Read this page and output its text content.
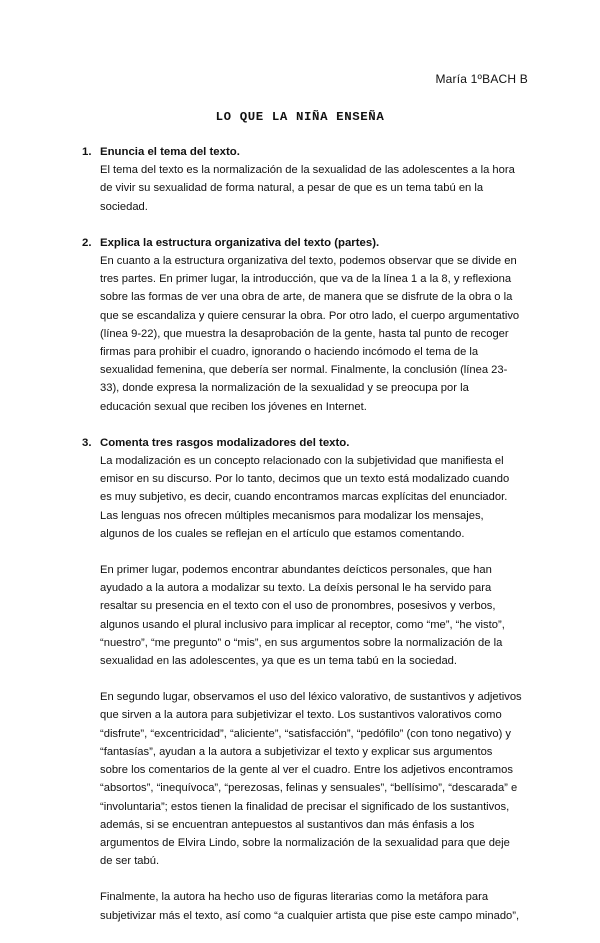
María 1ºBACH B
LO QUE LA NIÑA ENSEÑA
1. Enuncia el tema del texto.
El tema del texto es la normalización de la sexualidad de las adolescentes a la hora de vivir su sexualidad de forma natural, a pesar de que es un tema tabú en la sociedad.
2. Explica la estructura organizativa del texto (partes).
En cuanto a la estructura organizativa del texto, podemos observar que se divide en tres partes. En primer lugar, la introducción, que va de la línea 1 a la 8, y reflexiona sobre las formas de ver una obra de arte, de manera que se disfrute de la obra o la que se escandaliza y quiere censurar la obra. Por otro lado, el cuerpo argumentativo (línea 9-22), que muestra la desaprobación de la gente, hasta tal punto de recoger firmas para prohibir el cuadro, ignorando o haciendo incómodo el tema de la sexualidad femenina, que debería ser normal. Finalmente, la conclusión (línea 23-33), donde expresa la normalización de la sexualidad y se preocupa por la educación sexual que reciben los jóvenes en Internet.
3. Comenta tres rasgos modalizadores del texto.
La modalización es un concepto relacionado con la subjetividad que manifiesta el emisor en su discurso. Por lo tanto, decimos que un texto está modalizado cuando es muy subjetivo, es decir, cuando encontramos marcas explícitas del enunciador. Las lenguas nos ofrecen múltiples mecanismos para modalizar los mensajes, algunos de los cuales se reflejan en el artículo que estamos comentando.
En primer lugar, podemos encontrar abundantes deícticos personales, que han ayudado a la autora a modalizar su texto. La deíxis personal le ha servido para resaltar su presencia en el texto con el uso de pronombres, posesivos y verbos, algunos usando el plural inclusivo para implicar al receptor, como “me”, “he visto”, “nuestro”, “me pregunto” o “mis”, en sus argumentos sobre la normalización de la sexualidad en las adolescentes, ya que es un tema tabú en la sociedad.
En segundo lugar, observamos el uso del léxico valorativo, de sustantivos y adjetivos que sirven a la autora para subjetivizar el texto. Los sustantivos valorativos como “disfrute”, “excentricidad”, “aliciente”, “satisfacción”, “pedófilo” (con tono negativo) y “fantasías”, ayudan a la autora a subjetivizar el texto y explicar sus argumentos sobre los comentarios de la gente al ver el cuadro. Entre los adjetivos encontramos “absortos”, “inequívoca”, “perezosas, felinas y sensuales”, “bellísimo”, “descarada” e “involuntaria”; estos tienen la finalidad de precisar el significado de los sustantivos, además, si se encuentran antepuestos al sustantivos dan más énfasis a los argumentos de Elvira Lindo, sobre la normalización de la sexualidad para que deje de ser tabú.
Finalmente, la autora ha hecho uso de figuras literarias como la metáfora para subjetivizar más el texto, así como “a cualquier artista que pise este campo minado”,
